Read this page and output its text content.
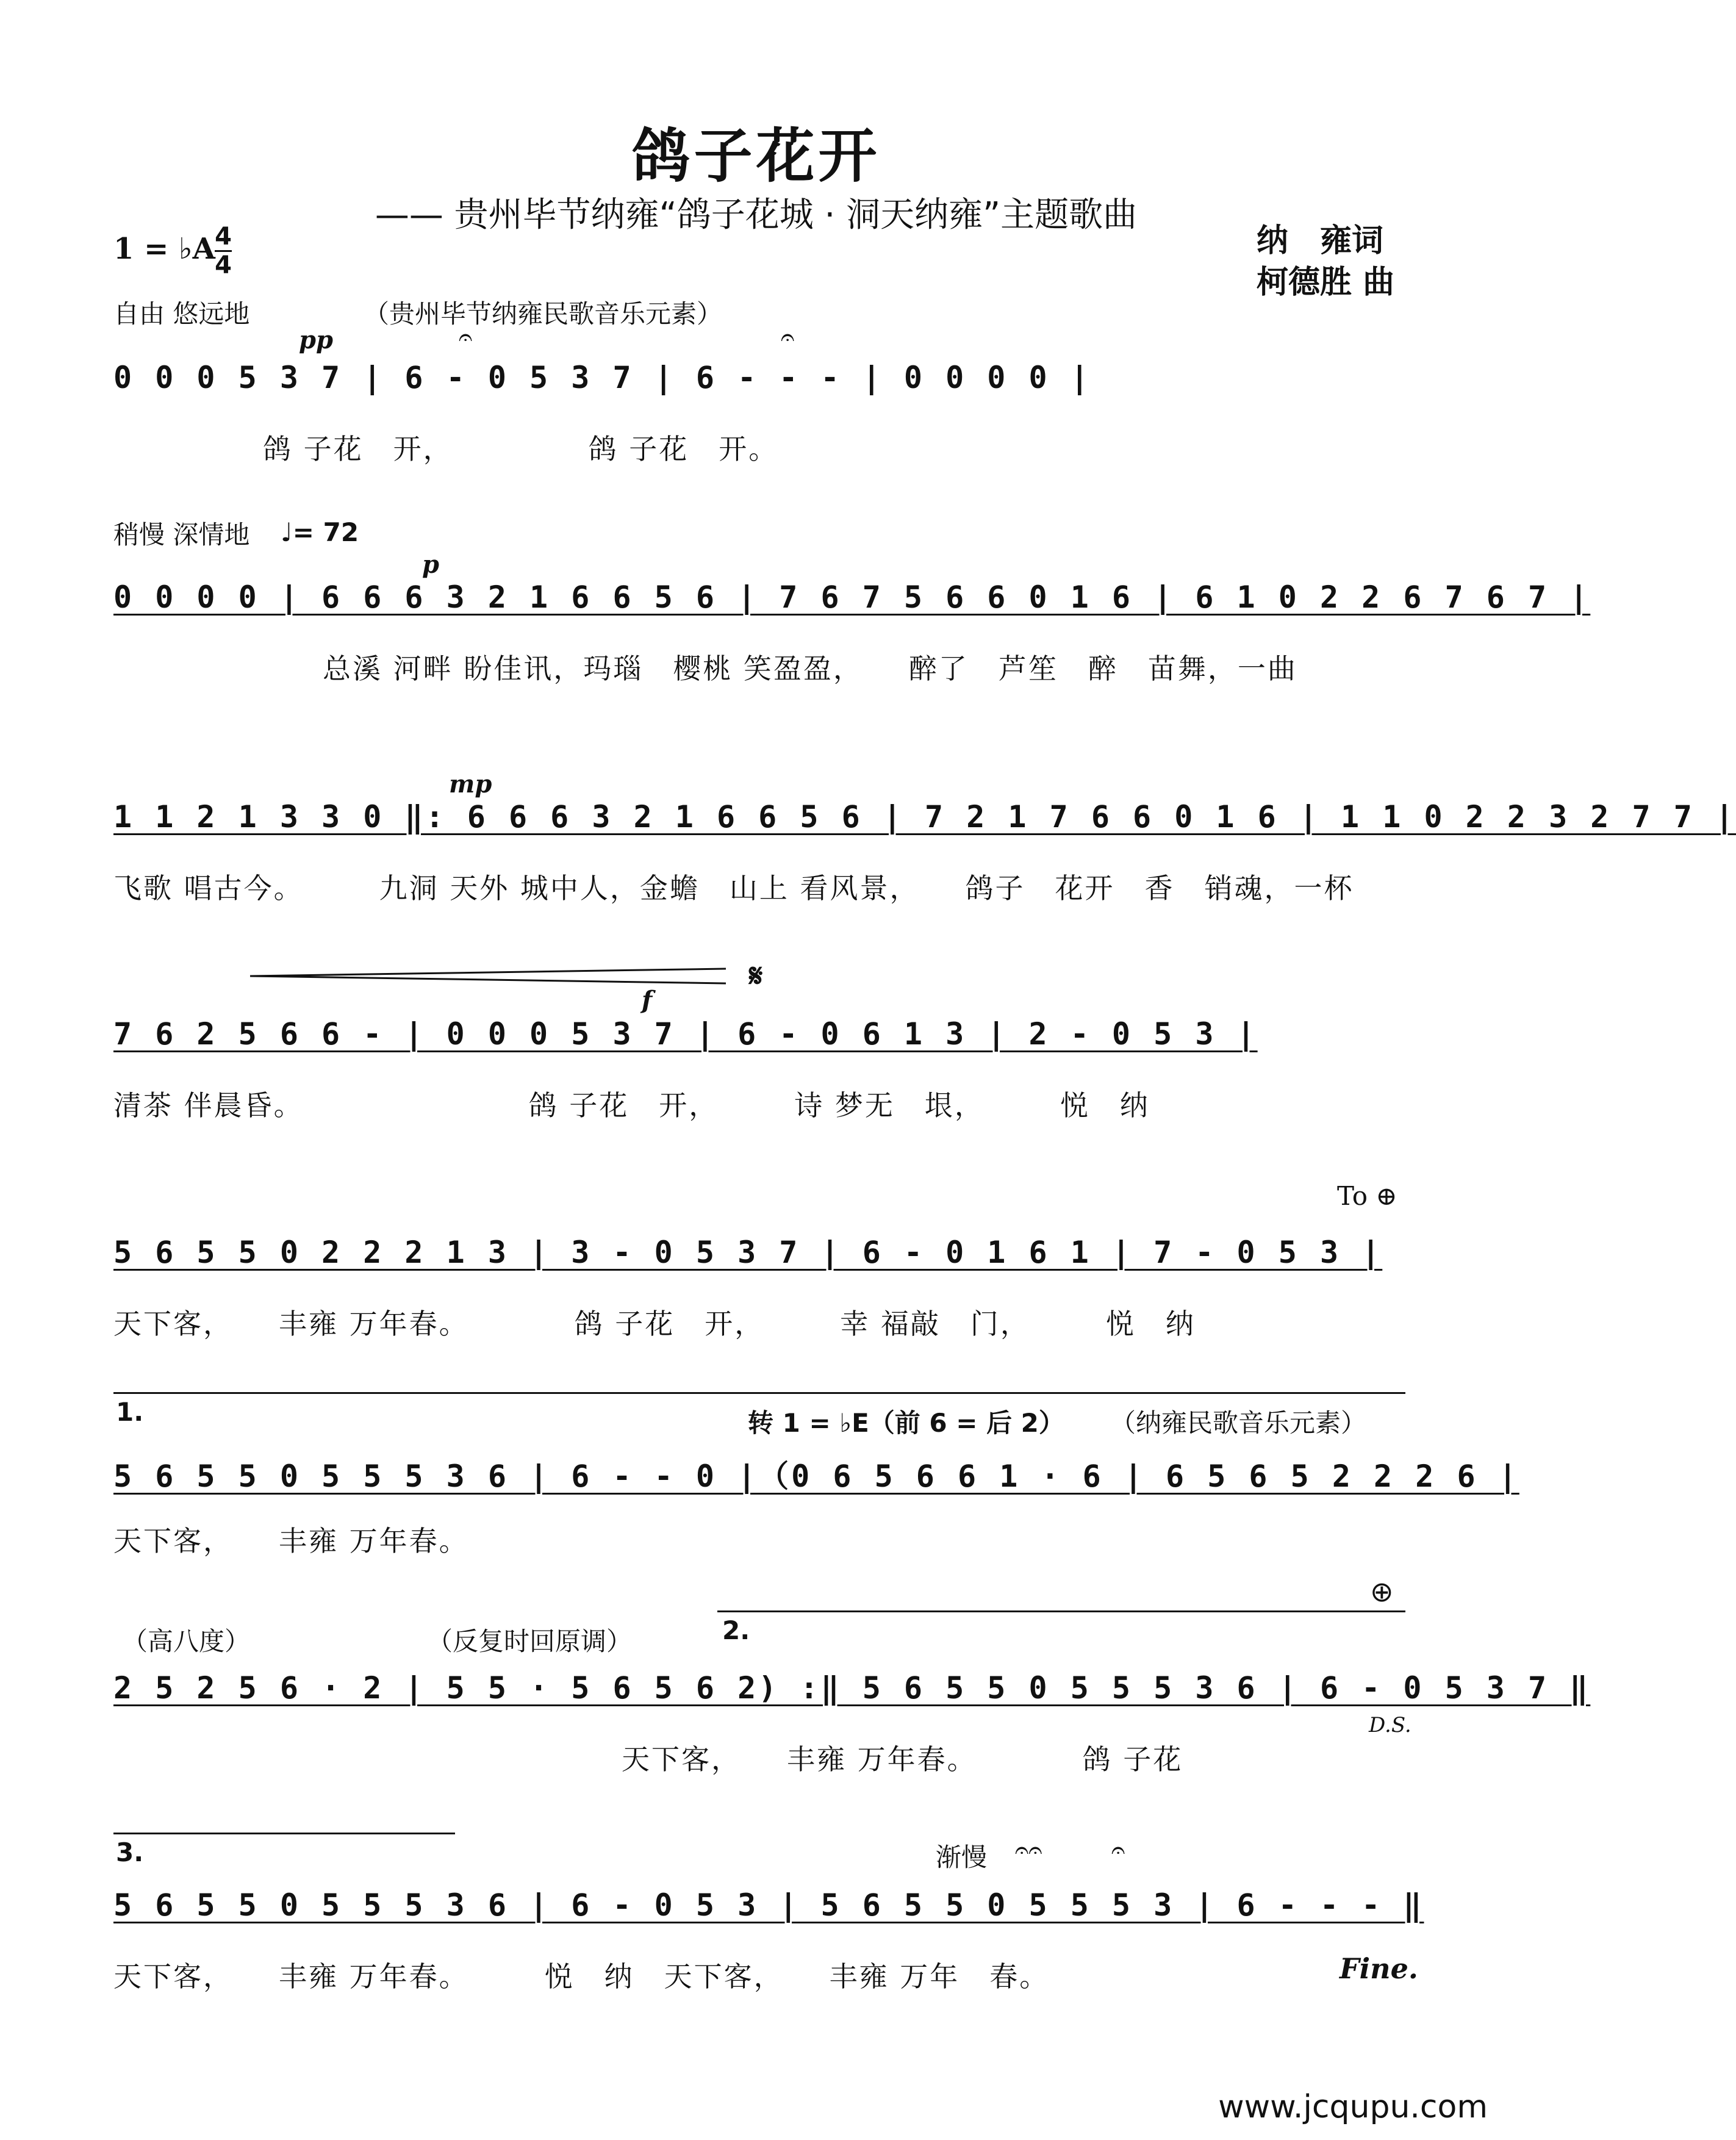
鸽子花开
—— 贵州毕节纳雍“鸽子花城 · 洞天纳雍”主题歌曲
纳　雍词
柯德胜 曲
1 = ♭A 4
4
自由 悠远地	（贵州毕节纳雍民歌音乐元素）
pp	𝄐	𝄐
0 0 0 5 3 7 | 6 - 0 5 3 7 | 6 - - - | 0 0 0 0 |
　　　　　鸽 子花　开，　　　　　鸽 子花　开。
稍慢 深情地 ♩= 72
p
0 0 0 0 | 6 6 6 3 2 1 6 6 5 6 | 7 6 7 5 6 6 0 1 6 | 6 1 0 2 2 6 7 6 7 |
　　　　　　　总溪 河畔 盼佳讯，玛瑙　樱桃 笑盈盈，　　醉了　芦笙　醉　苗舞，一曲
mp
1 1 2 1 3 3 0 ‖: 6 6 6 3 2 1 6 6 5 6 | 7 2 1 7 6 6 0 1 6 | 1 1 0 2 2 3 2 7 7 |
飞歌 唱古今。　　　九洞 天外 城中人，金蟾　山上 看风景，　　鸽子　花开　香　销魂，一杯
𝄋
f
7 6 2 5 6 6 - | 0 0 0 5 3 7 | 6 - 0 6 1 3 | 2 - 0 5 3 |
清茶 伴晨昏。　　　　　　　　鸽 子花　开，　　　诗 梦无　垠，　　　悦　纳
To ⊕
5 6 5 5 0 2 2 2 1 3 | 3 - 0 5 3 7 | 6 - 0 1 6 1 | 7 - 0 5 3 |
天下客，　　丰雍 万年春。　　　　鸽 子花　开，　　　幸 福敲　门，　　　悦　纳
1.	转 1 = ♭E（前 6 = 后 2） （纳雍民歌音乐元素）
5 6 5 5 0 5 5 5 3 6 | 6 - - 0 |（0 6 5 6 6 1 · 6 | 6 5 6 5 2 2 2 6 |
天下客，　　丰雍 万年春。
⊕
2.
（高八度）	（反复时回原调）
D.S.
2 5 2 5 6 · 2 | 5 5 · 5 6 5 6 2) :‖ 5 6 5 5 0 5 5 5 3 6 | 6 - 0 5 3 7 ‖
　　　　　　　　　　　　　　　　　天下客，　　丰雍 万年春。　　　　鸽 子花
3.	渐慢 𝄐𝄐	𝄐
5 6 5 5 0 5 5 5 3 6 | 6 - 0 5 3 | 5 6 5 5 0 5 5 5 3 | 6 - - - ‖
天下客，　　丰雍 万年春。　　　悦　纳　天下客，　　丰雍 万年　春。	Fine.
www.jcqupu.com
